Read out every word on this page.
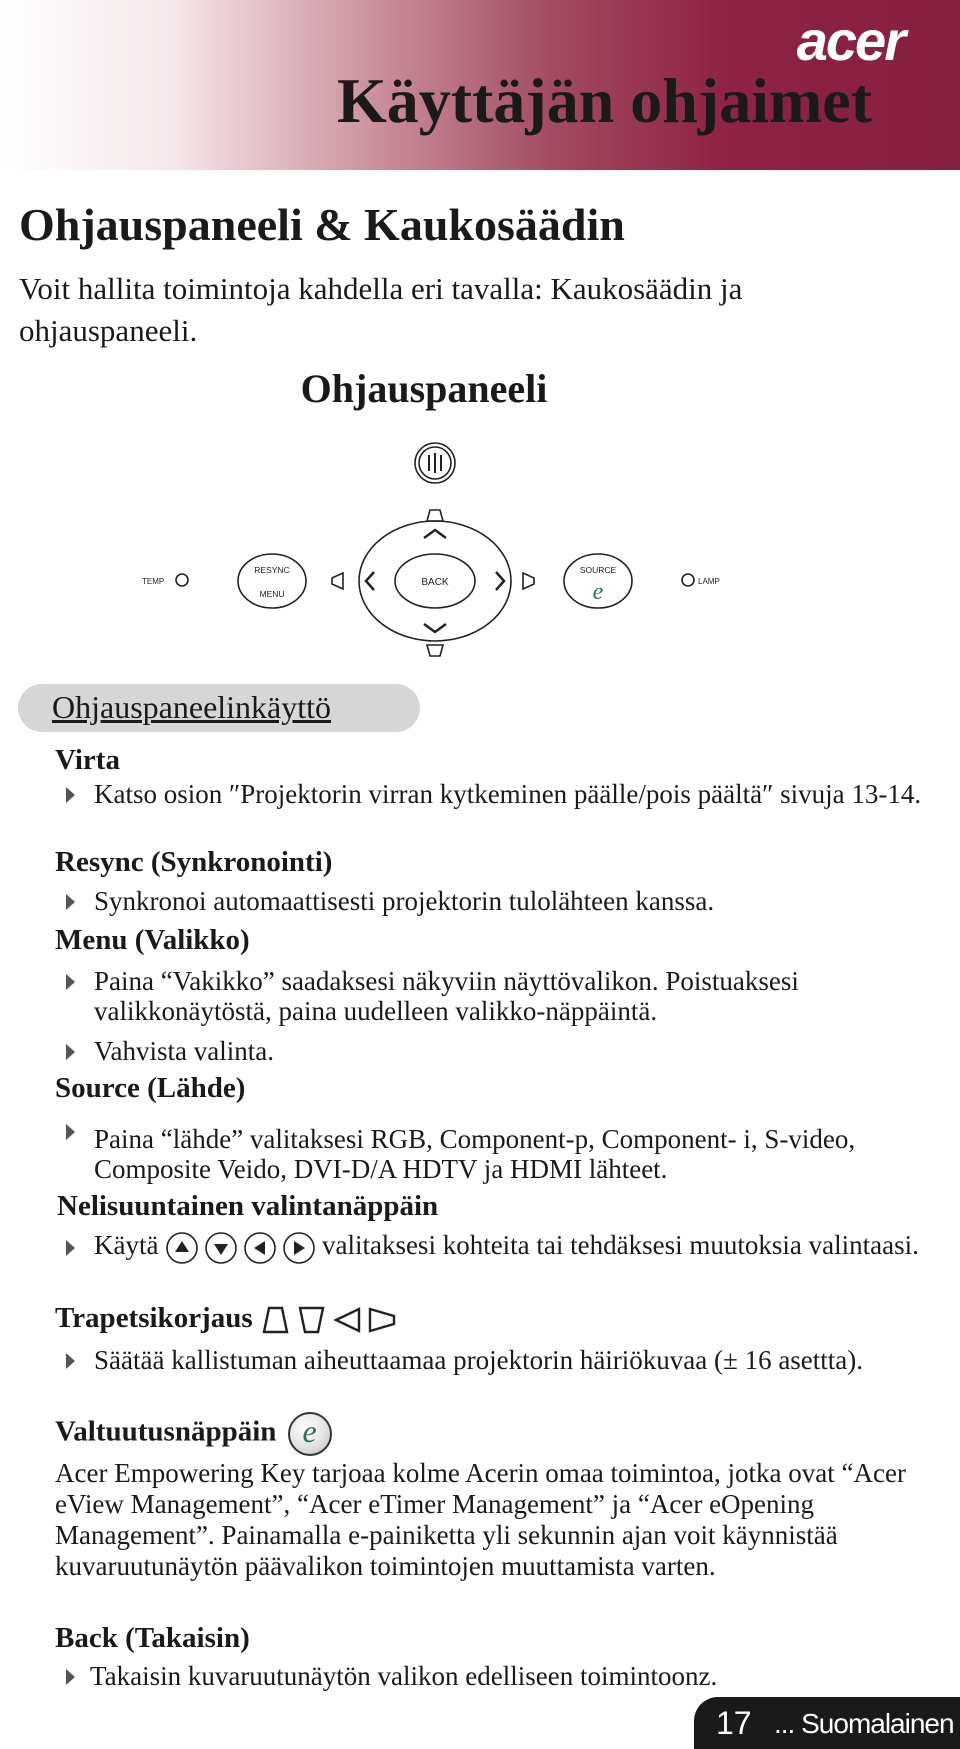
acer
Käyttäjän ohjaimet
Ohjauspaneeli & Kaukosäädin

Voit hallita toimintoja kahdella eri tavalla: Kaukosäädin ja ohjauspaneeli.

Ohjauspaneeli
TEMP
RESYNC
MENU
BACK
SOURCE
LAMP
e
Ohjauspaneelinkäyttö
Virta

Katso osion ″Projektorin virran kytkeminen päälle/pois päältä″ sivuja 13-14.

Resync (Synkronointi)

Synkronoi automaattisesti projektorin tulolähteen kanssa.

Menu (Valikko)

Paina “Vakikko” saadaksesi näkyviin näyttövalikon. Poistuaksesi valikkonäytöstä, paina uudelleen valikko-näppäintä.

Vahvista valinta.

Source (Lähde)

Paina “lähde” valitaksesi RGB, Component-p, Component- i, S-video, Composite Veido, DVI-D/A HDTV ja HDMI lähteet.

Nelisuuntainen valintanäppäin

Käytä	valitaksesi kohteita tai tehdäksesi muutoksia valintaasi.

Trapetsikorjaus

Säätää kallistuman aiheuttaamaa projektorin häiriökuvaa (± 16 asettta).

Valtuutusnäppäin e

Acer Empowering Key tarjoaa kolme Acerin omaa toimintoa, jotka ovat “Acer eView Management”, “Acer eTimer Management” ja “Acer eOpening Management”. Painamalla e-painiketta yli sekunnin ajan voit käynnistää kuvaruutunäytön päävalikon toimintojen muuttamista varten.

Back (Takaisin)

Takaisin kuvaruutunäytön valikon edelliseen toimintoonz.

17 ... Suomalainen
